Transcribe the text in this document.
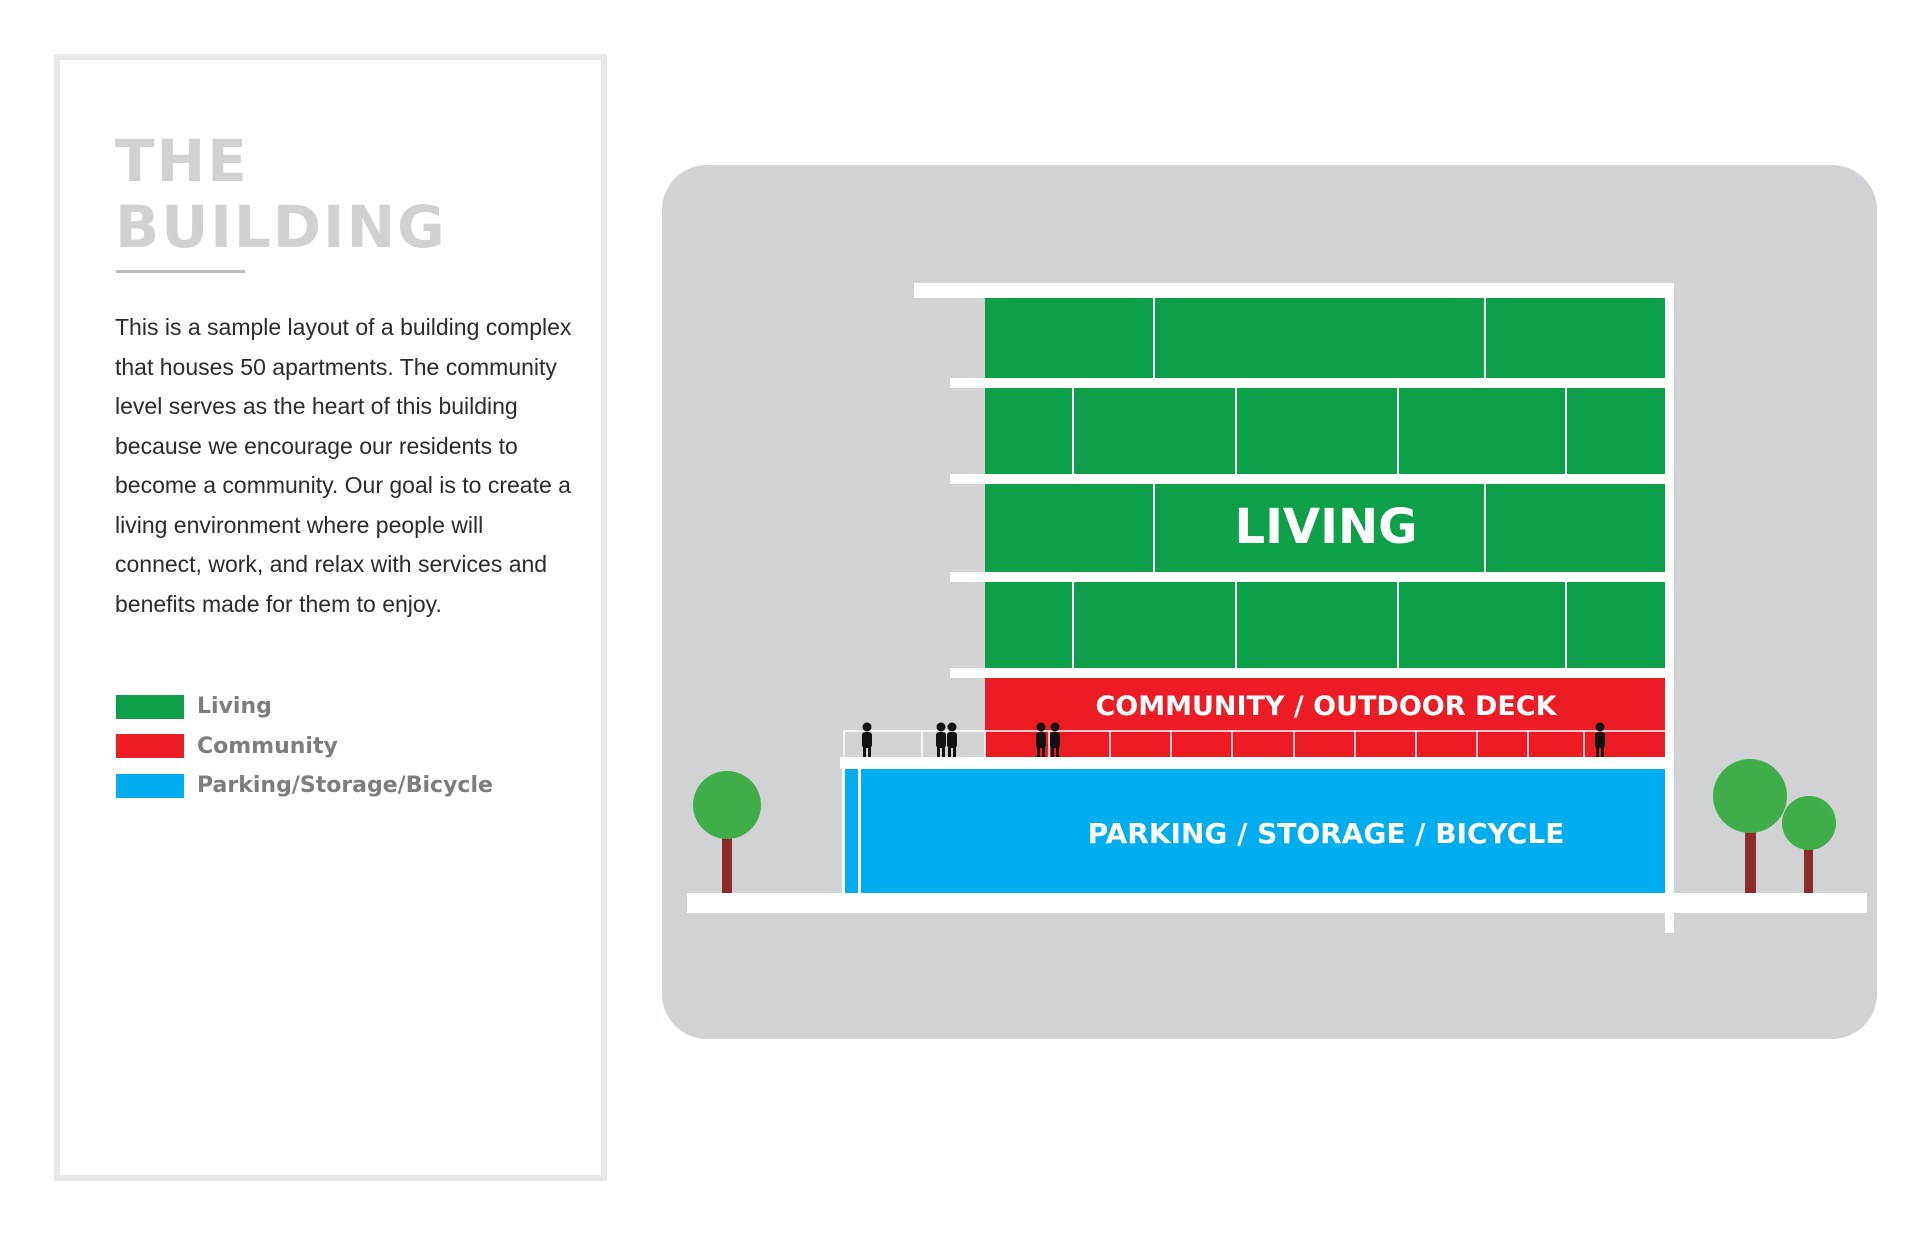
THE
BUILDING

This is a sample layout of a building complex that houses 50 apartments. The community level serves as the heart of this building because we encourage our residents to become a community. Our goal is to create a living environment where people will connect, work, and relax with services and benefits made for them to enjoy.

Living
Community
Parking/Storage/Bicycle
LIVING
COMMUNITY / OUTDOOR DECK
PARKING / STORAGE / BICYCLE
